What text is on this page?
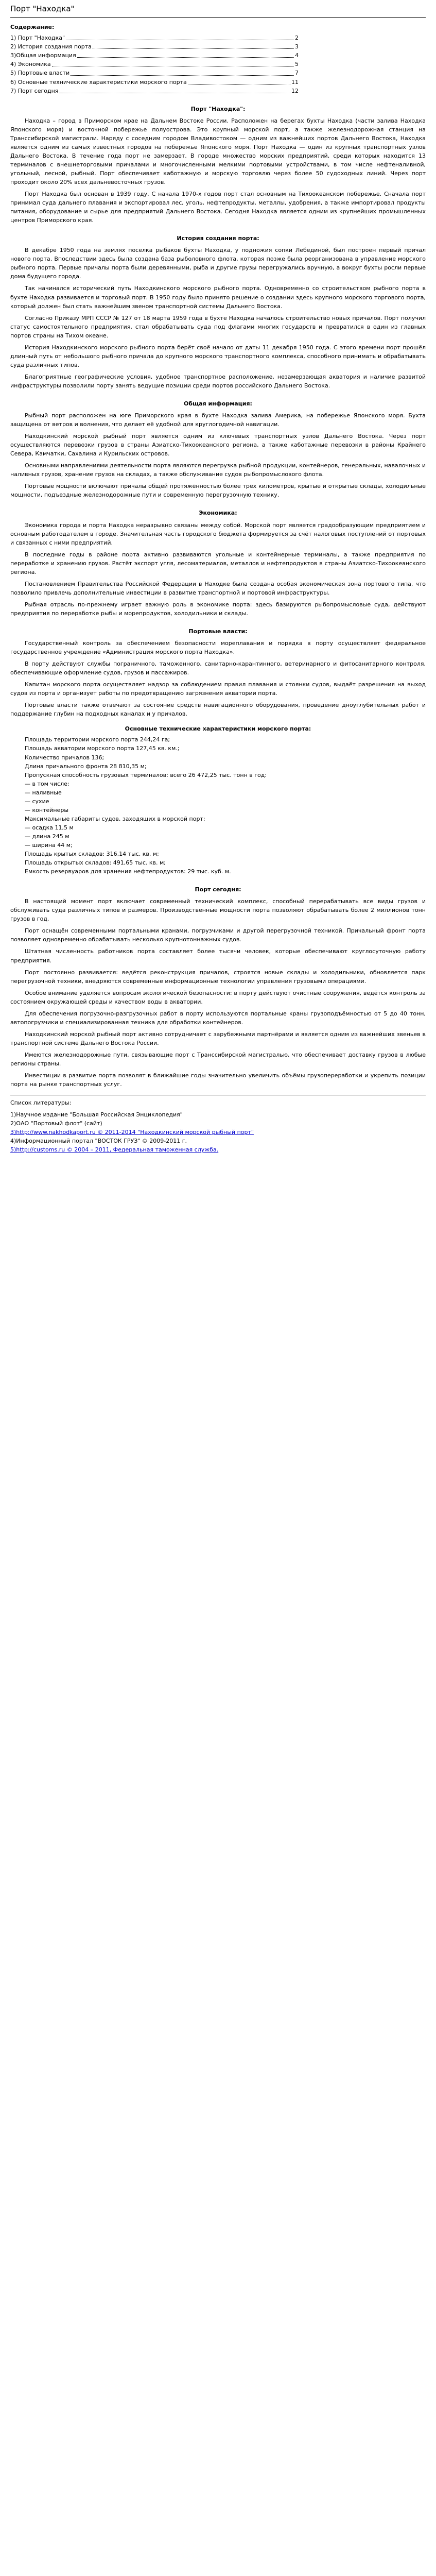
Порт "Находка"
Содержание:
1) Порт "Находка"	2
2) История создания порта	3
3)Общая информация	4
4) Экономика	5
5) Портовые власти	7
6) Основные технические характеристики морского порта	11
7) Порт сегодня	12
Порт "Находка":

Находка – город в Приморском крае на Дальнем Востоке России. Расположен на берегах бухты Находка (части залива Находка Японского моря) и восточной побережье полуострова. Это крупный морской порт, а также железнодорожная станция на Транссибирской магистрали. Наряду с соседним городом Владивостоком — одним из важнейших портов Дальнего Востока, Находка является одним из самых известных городов на побережье Японского моря. Порт Находка — один из крупных транспортных узлов Дальнего Востока. В течение года порт не замерзает. В городе множество морских предприятий, среди которых находится 13 терминалов с внешнеторговыми причалами и многочисленными мелкими портовыми устройствами, в том числе нефтеналивной, угольный, лесной, рыбный. Порт обеспечивает каботажную и морскую торговлю через более 50 судоходных линий. Через порт проходит около 20% всех дальневосточных грузов.

Порт Находка был основан в 1939 году. С начала 1970-х годов порт стал основным на Тихоокеанском побережье. Сначала порт принимал суда дальнего плавания и экспортировал лес, уголь, нефтепродукты, металлы, удобрения, а также импортировал продукты питания, оборудование и сырье для предприятий Дальнего Востока. Сегодня Находка является одним из крупнейших промышленных центров Приморского края.

История создания порта:

В декабре 1950 года на землях поселка рыбаков бухты Находка, у подножия сопки Лебединой, был построен первый причал нового порта. Впоследствии здесь была создана база рыболовного флота, которая позже была реорганизована в управление морского рыбного порта. Первые причалы порта были деревянными, рыба и другие грузы перегружались вручную, а вокруг бухты росли первые дома будущего города.

Так начинался исторический путь Находкинского морского рыбного порта. Одновременно со строительством рыбного порта в бухте Находка развивается и торговый порт. В 1950 году было принято решение о создании здесь крупного морского торгового порта, который должен был стать важнейшим звеном транспортной системы Дальнего Востока.

Согласно Приказу МРП СССР № 127 от 18 марта 1959 года в бухте Находка началось строительство новых причалов. Порт получил статус самостоятельного предприятия, стал обрабатывать суда под флагами многих государств и превратился в один из главных портов страны на Тихом океане.

История Находкинского морского рыбного порта берёт своё начало от даты 11 декабря 1950 года. С этого времени порт прошёл длинный путь от небольшого рыбного причала до крупного морского транспортного комплекса, способного принимать и обрабатывать суда различных типов.

Благоприятные географические условия, удобное транспортное расположение, незамерзающая акватория и наличие развитой инфраструктуры позволили порту занять ведущие позиции среди портов российского Дальнего Востока.

Общая информация:

Рыбный порт расположен на юге Приморского края в бухте Находка залива Америка, на побережье Японского моря. Бухта защищена от ветров и волнения, что делает её удобной для круглогодичной навигации.

Находкинский морской рыбный порт является одним из ключевых транспортных узлов Дальнего Востока. Через порт осуществляются перевозки грузов в страны Азиатско-Тихоокеанского региона, а также каботажные перевозки в районы Крайнего Севера, Камчатки, Сахалина и Курильских островов.

Основными направлениями деятельности порта являются перегрузка рыбной продукции, контейнеров, генеральных, навалочных и наливных грузов, хранение грузов на складах, а также обслуживание судов рыбопромыслового флота.

Портовые мощности включают причалы общей протяжённостью более трёх километров, крытые и открытые склады, холодильные мощности, подъездные железнодорожные пути и современную перегрузочную технику.

Экономика:

Экономика города и порта Находка неразрывно связаны между собой. Морской порт является градообразующим предприятием и основным работодателем в городе. Значительная часть городского бюджета формируется за счёт налоговых поступлений от портовых и связанных с ними предприятий.

В последние годы в районе порта активно развиваются угольные и контейнерные терминалы, а также предприятия по переработке и хранению грузов. Растёт экспорт угля, лесоматериалов, металлов и нефтепродуктов в страны Азиатско-Тихоокеанского региона.

Постановлением Правительства Российской Федерации в Находке была создана особая экономическая зона портового типа, что позволило привлечь дополнительные инвестиции в развитие транспортной и портовой инфраструктуры.

Рыбная отрасль по-прежнему играет важную роль в экономике порта: здесь базируются рыбопромысловые суда, действуют предприятия по переработке рыбы и морепродуктов, холодильники и склады.

Портовые власти:

Государственный контроль за обеспечением безопасности мореплавания и порядка в порту осуществляет федеральное государственное учреждение «Администрация морского порта Находка».

В порту действуют службы пограничного, таможенного, санитарно-карантинного, ветеринарного и фитосанитарного контроля, обеспечивающие оформление судов, грузов и пассажиров.

Капитан морского порта осуществляет надзор за соблюдением правил плавания и стоянки судов, выдаёт разрешения на выход судов из порта и организует работы по предотвращению загрязнения акватории порта.

Портовые власти также отвечают за состояние средств навигационного оборудования, проведение дноуглубительных работ и поддержание глубин на подходных каналах и у причалов.

Основные технические характеристики морского порта:
Площадь территории морского порта 244,24 га;
Площадь акватории морского порта 127,45 кв. км.;
Количество причалов 136;
Длина причального фронта 28 810,35 м;
Пропускная способность грузовых терминалов: всего 26 472,25 тыс. тонн в год:
— в том числе:
— наливные
— сухие
— контейнеры
Максимальные габариты судов, заходящих в морской порт:
— осадка 11,5 м
— длина 245 м
— ширина 44 м;
Площадь крытых складов: 316,14 тыс. кв. м;
Площадь открытых складов: 491,65 тыс. кв. м;
Емкость резервуаров для хранения нефтепродуктов: 29 тыс. куб. м.
Порт сегодня:

В настоящий момент порт включает современный технический комплекс, способный перерабатывать все виды грузов и обслуживать суда различных типов и размеров. Производственные мощности порта позволяют обрабатывать более 2 миллионов тонн грузов в год.

Порт оснащён современными портальными кранами, погрузчиками и другой перегрузочной техникой. Причальный фронт порта позволяет одновременно обрабатывать несколько крупнотоннажных судов.

Штатная численность работников порта составляет более тысячи человек, которые обеспечивают круглосуточную работу предприятия.

Порт постоянно развивается: ведётся реконструкция причалов, строятся новые склады и холодильники, обновляется парк перегрузочной техники, внедряются современные информационные технологии управления грузовыми операциями.

Особое внимание уделяется вопросам экологической безопасности: в порту действуют очистные сооружения, ведётся контроль за состоянием окружающей среды и качеством воды в акватории.

Для обеспечения погрузочно-разгрузочных работ в порту используются портальные краны грузоподъёмностью от 5 до 40 тонн, автопогрузчики и специализированная техника для обработки контейнеров.

Находкинский морской рыбный порт активно сотрудничает с зарубежными партнёрами и является одним из важнейших звеньев в транспортной системе Дальнего Востока России.

Имеются железнодорожные пути, связывающие порт с Транссибирской магистралью, что обеспечивает доставку грузов в любые регионы страны.

Инвестиции в развитие порта позволят в ближайшие годы значительно увеличить объёмы грузопереработки и укрепить позиции порта на рынке транспортных услуг.

Список литературы:

1)Научное издание "Большая Российская Энциклопедия"
2)ОАО "Портовый флот" (сайт)
3)http://www.nakhodkaport.ru © 2011-2014 "Находкинский морской рыбный порт"
4)Информационный портал "ВОСТОК ГРУЗ" © 2009-2011 г.
5)http://customs.ru © 2004 – 2011, Федеральная таможенная служба.
